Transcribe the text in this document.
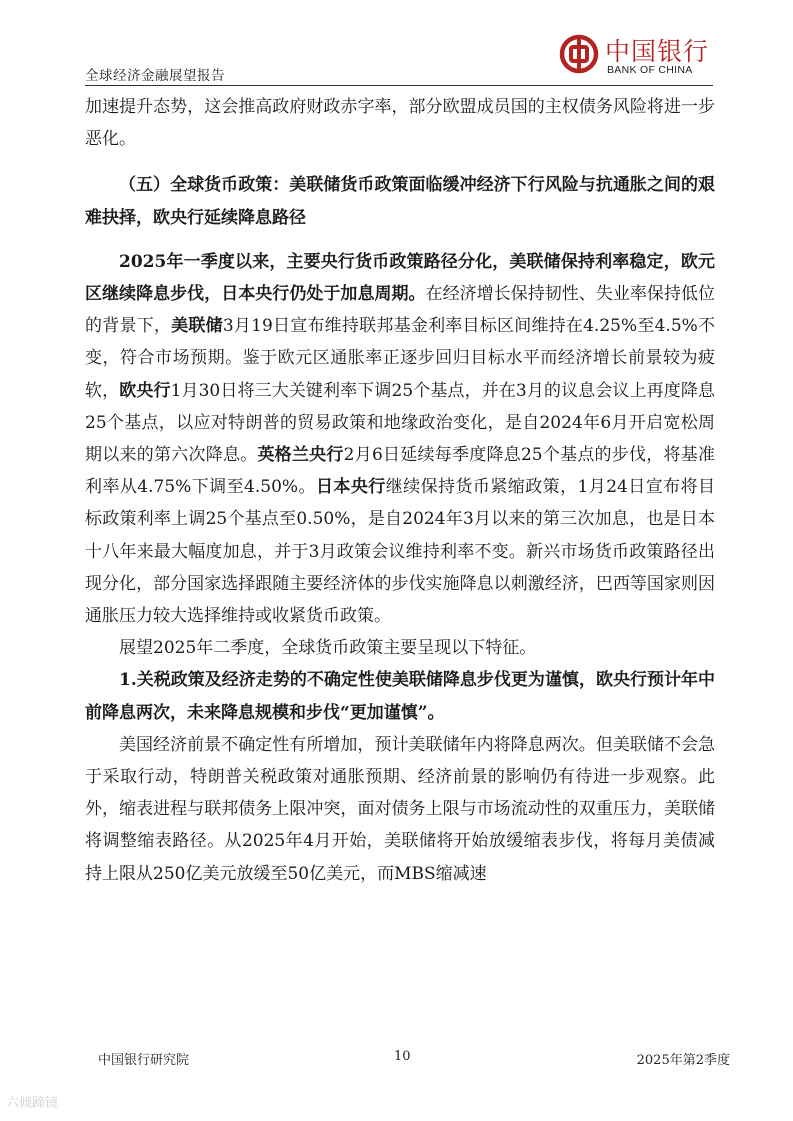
全球经济金融展望报告
中国银行
BANK OF CHINA

加速提升态势，这会推高政府财政赤字率，部分欧盟成员国的主权债务风险将进一步恶化。

（五）全球货币政策：美联储货币政策面临缓冲经济下行风险与抗通胀之间的艰难抉择，欧央行延续降息路径

2025年一季度以来，主要央行货币政策路径分化，美联储保持利率稳定，欧元区继续降息步伐，日本央行仍处于加息周期。在经济增长保持韧性、失业率保持低位的背景下，美联储3月19日宣布维持联邦基金利率目标区间维持在4.25%至4.5%不变，符合市场预期。鉴于欧元区通胀率正逐步回归目标水平而经济增长前景较为疲软，欧央行1月30日将三大关键利率下调25个基点，并在3月的议息会议上再度降息25个基点，以应对特朗普的贸易政策和地缘政治变化，是自2024年6月开启宽松周期以来的第六次降息。英格兰央行2月6日延续每季度降息25个基点的步伐，将基准利率从4.75%下调至4.50%。日本央行继续保持货币紧缩政策，1月24日宣布将目标政策利率上调25个基点至0.50%，是自2024年3月以来的第三次加息，也是日本十八年来最大幅度加息，并于3月政策会议维持利率不变。新兴市场货币政策路径出现分化，部分国家选择跟随主要经济体的步伐实施降息以刺激经济，巴西等国家则因通胀压力较大选择维持或收紧货币政策。

展望2025年二季度，全球货币政策主要呈现以下特征。

1.关税政策及经济走势的不确定性使美联储降息步伐更为谨慎，欧央行预计年中前降息两次，未来降息规模和步伐“更加谨慎”。

美国经济前景不确定性有所增加，预计美联储年内将降息两次。但美联储不会急于采取行动，特朗普关税政策对通胀预期、经济前景的影响仍有待进一步观察。此外，缩表进程与联邦债务上限冲突，面对债务上限与市场流动性的双重压力，美联储将调整缩表路径。从2025年4月开始，美联储将开始放缓缩表步伐，将每月美债减持上限从250亿美元放缓至50亿美元，而MBS缩减速

中国银行研究院	10	2025年第2季度
六倾蹄镜
